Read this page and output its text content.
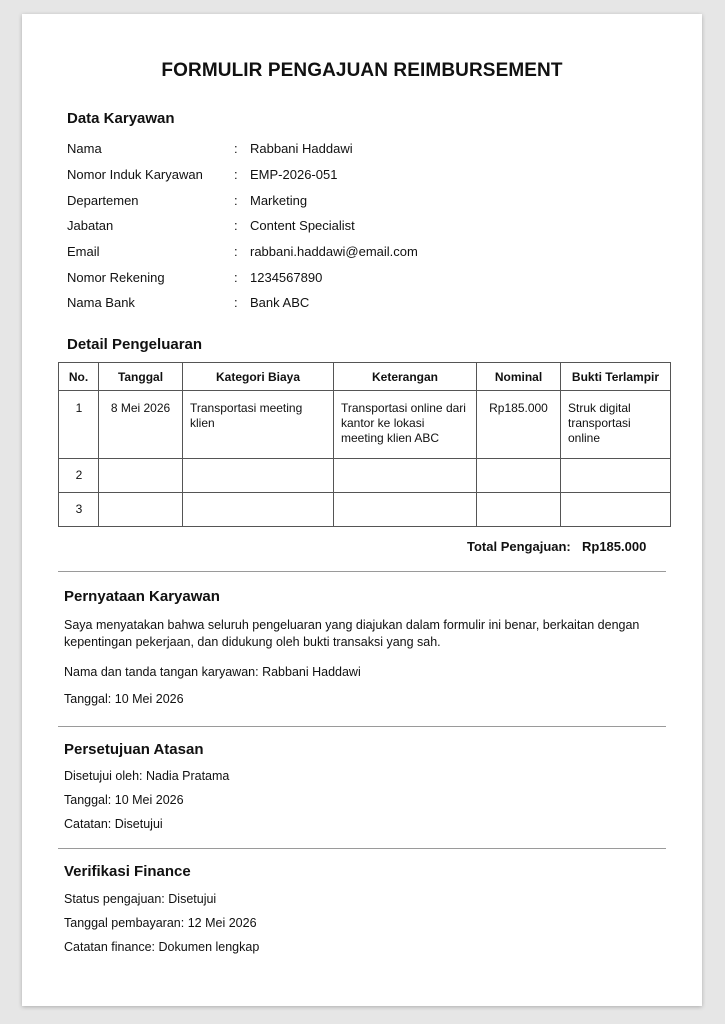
FORMULIR PENGAJUAN REIMBURSEMENT
Data Karyawan
Nama	: Rabbani Haddawi
Nomor Induk Karyawan : EMP-2026-051
Departemen	: Marketing
Jabatan	: Content Specialist
Email	: rabbani.haddawi@email.com
Nomor Rekening	: 1234567890
Nama Bank	: Bank ABC
Detail Pengeluaran
No.	Tanggal	Kategori Biaya	Keterangan	Nominal	Bukti Terlampir
1	8 Mei 2026	Transportasi meeting klien	Transportasi online dari kantor ke lokasi meeting klien ABC	Rp185.000	Struk digital transportasi online
2					
3					
Total Pengajuan: Rp185.000
Pernyataan Karyawan
Saya menyatakan bahwa seluruh pengeluaran yang diajukan dalam formulir ini benar, berkaitan dengan kepentingan pekerjaan, dan didukung oleh bukti transaksi yang sah.
Nama dan tanda tangan karyawan: Rabbani Haddawi
Tanggal: 10 Mei 2026
Persetujuan Atasan
Disetujui oleh: Nadia Pratama
Tanggal: 10 Mei 2026
Catatan: Disetujui
Verifikasi Finance
Status pengajuan: Disetujui
Tanggal pembayaran: 12 Mei 2026
Catatan finance: Dokumen lengkap
